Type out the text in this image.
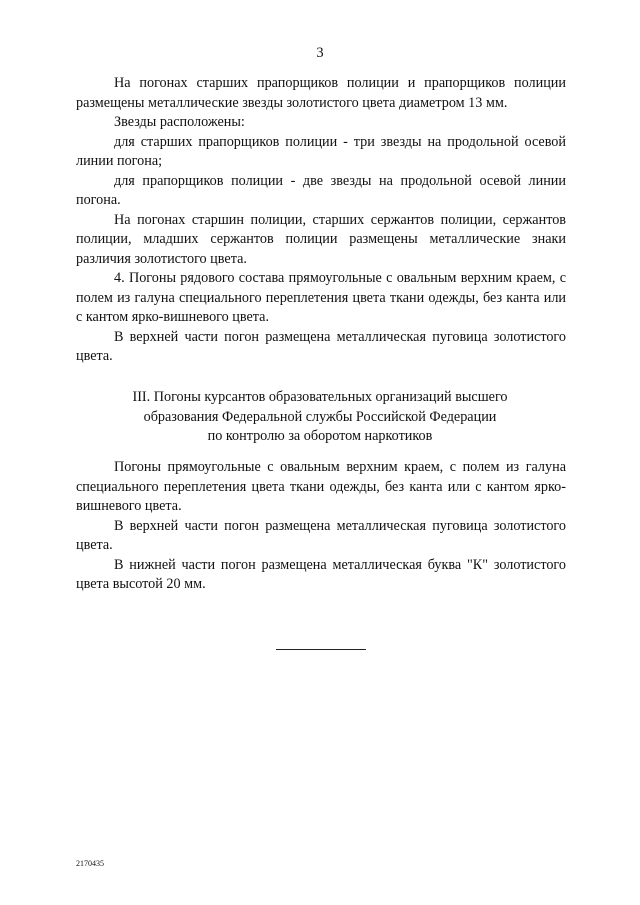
3

На погонах старших прапорщиков полиции и прапорщиков полиции размещены металлические звезды золотистого цвета диаметром 13 мм.

Звезды расположены:

для старших прапорщиков полиции - три звезды на продольной осевой линии погона;

для прапорщиков полиции - две звезды на продольной осевой линии погона.

На погонах старшин полиции, старших сержантов полиции, сержантов полиции, младших сержантов полиции размещены металлические знаки различия золотистого цвета.

4. Погоны рядового состава прямоугольные с овальным верхним краем, с полем из галуна специального переплетения цвета ткани одежды, без канта или с кантом ярко-вишневого цвета.

В верхней части погон размещена металлическая пуговица золотистого цвета.

III. Погоны курсантов образовательных организаций высшего
образования Федеральной службы Российской Федерации
по контролю за оборотом наркотиков

Погоны прямоугольные с овальным верхним краем, с полем из галуна специального переплетения цвета ткани одежды, без канта или с кантом ярко-вишневого цвета.

В верхней части погон размещена металлическая пуговица золотистого цвета.

В нижней части погон размещена металлическая буква "К" золотистого цвета высотой 20 мм.

2170435
